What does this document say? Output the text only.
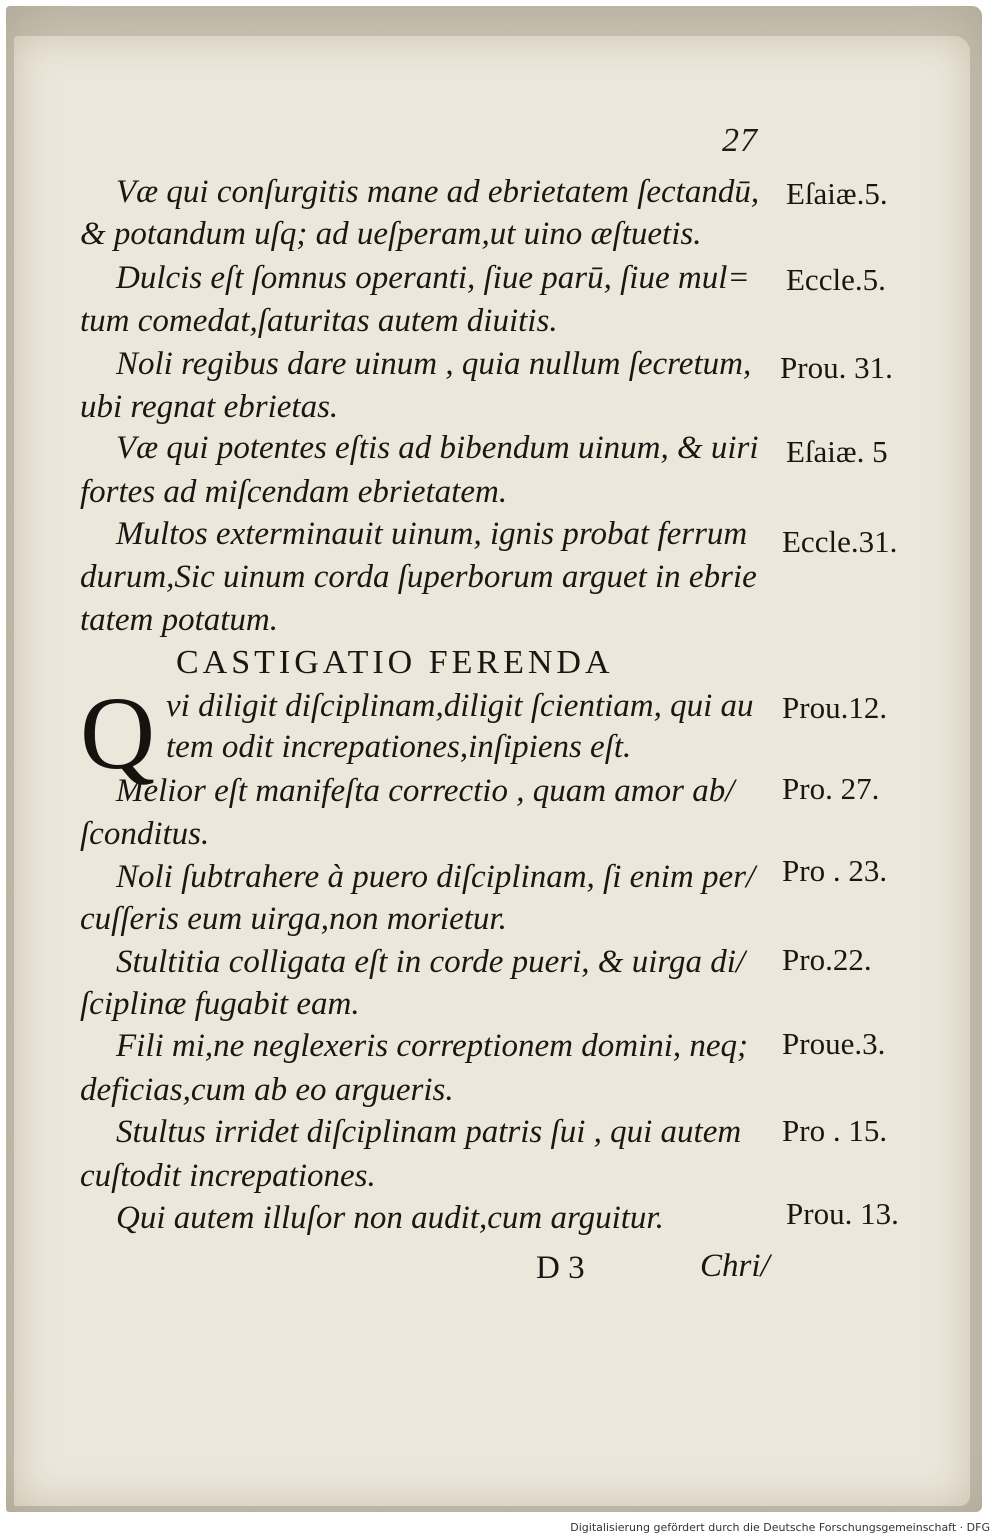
27
Væ qui conſurgitis mane ad ebrietatem ſectandū,
& potandum uſq; ad ueſperam,ut uino æſtuetis.
Dulcis eſt ſomnus operanti, ſiue parū, ſiue mul=
tum comedat,ſaturitas autem diuitis.
Noli regibus dare uinum , quia nullum ſecretum,
ubi regnat ebrietas.
Væ qui potentes eſtis ad bibendum uinum, & uiri
fortes ad miſcendam ebrietatem.
Multos exterminauit uinum, ignis probat ferrum
durum,Sic uinum corda ſuperborum arguet in ebrie
tatem potatum.
CASTIGATIO FERENDA
Q vi diligit diſciplinam,diligit ſcientiam, qui au
tem odit increpationes,inſipiens eſt.
Melior eſt manifeſta correctio , quam amor ab/
ſconditus.
Noli ſubtrahere à puero diſciplinam, ſi enim per/
cuſſeris eum uirga,non morietur.
Stultitia colligata eſt in corde pueri, & uirga di/
ſciplinæ fugabit eam.
Fili mi,ne neglexeris correptionem domini, neq;
deficias,cum ab eo argueris.
Stultus irridet diſciplinam patris ſui , qui autem
cuſtodit increpationes.
Qui autem illuſor non audit,cum arguitur.
Eſaiæ.5.
Eccle.5.
Prou. 31.
Eſaiæ. 5
Eccle.31.
Prou.12.
Pro. 27.
Pro . 23.
Pro.22.
Proue.3.
Pro . 15.
Prou. 13.
D 3	Chri/
Digitalisierung gefördert durch die Deutsche Forschungsgemeinschaft · DFG
